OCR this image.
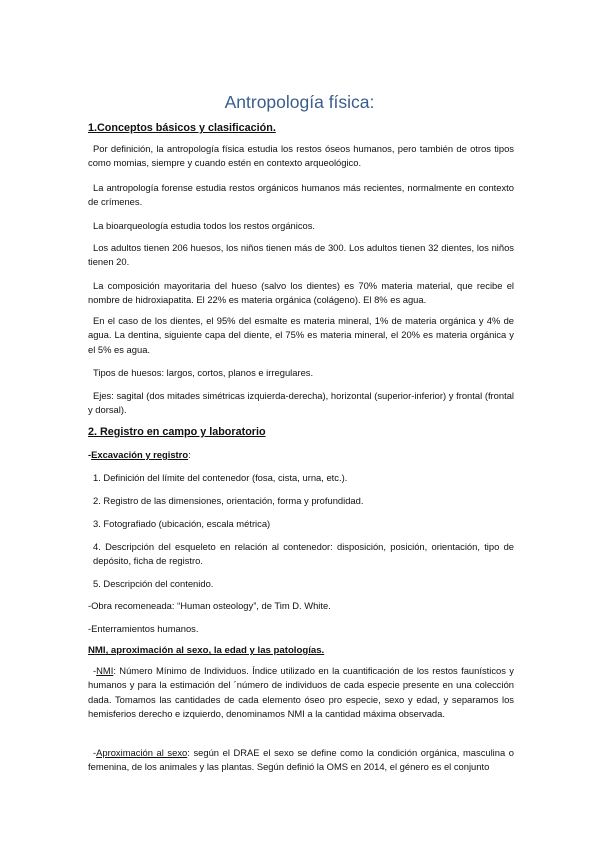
Antropología física:
1.Conceptos básicos y clasificación.
Por definición, la antropología física estudia los restos óseos humanos, pero también de otros tipos como momias, siempre y cuando estén en contexto arqueológico.
La antropología forense estudia restos orgánicos humanos más recientes, normalmente en contexto de crímenes.
La bioarqueología estudia todos los restos orgánicos.
Los adultos tienen 206 huesos, los niños tienen más de 300. Los adultos tienen 32 dientes, los niños tienen 20.
La composición mayoritaria del hueso (salvo los dientes) es 70% materia material, que recibe el nombre de hidroxiapatita. El 22% es materia orgánica (colágeno). El 8% es agua.
En el caso de los dientes, el 95% del esmalte es materia mineral, 1% de materia orgánica y 4% de agua. La dentina, siguiente capa del diente, el 75% es materia mineral, el 20% es materia orgánica y el 5% es agua.
Tipos de huesos: largos, cortos, planos e irregulares.
Ejes: sagital (dos mitades simétricas izquierda-derecha), horizontal (superior-inferior) y frontal (frontal y dorsal).
2. Registro en campo y laboratorio
-Excavación y registro:
1. Definición del límite del contenedor (fosa, cista, urna, etc.).
2. Registro de las dimensiones, orientación, forma y profundidad.
3. Fotografiado (ubicación, escala métrica)
4. Descripción del esqueleto en relación al contenedor: disposición, posición, orientación, tipo de depósito, ficha de registro.
5. Descripción del contenido.
-Obra recomeneada: “Human osteology”, de Tim D. White.
-Enterramientos humanos.
NMI, aproximación al sexo, la edad y las patologías.
-NMI: Número Mínimo de Individuos. Índice utilizado en la cuantificación de los restos faunísticos y humanos y para la estimación del ´número de individuos de cada especie presente en una colección dada. Tomamos las cantidades de cada elemento óseo pro especie, sexo y edad, y separamos los hemisferios derecho e izquierdo, denominamos NMI a la cantidad máxima observada.
-Aproximación al sexo: según el DRAE el sexo se define como la condición orgánica, masculina o femenina, de los animales y las plantas. Según definió la OMS en 2014, el género es el conjunto
